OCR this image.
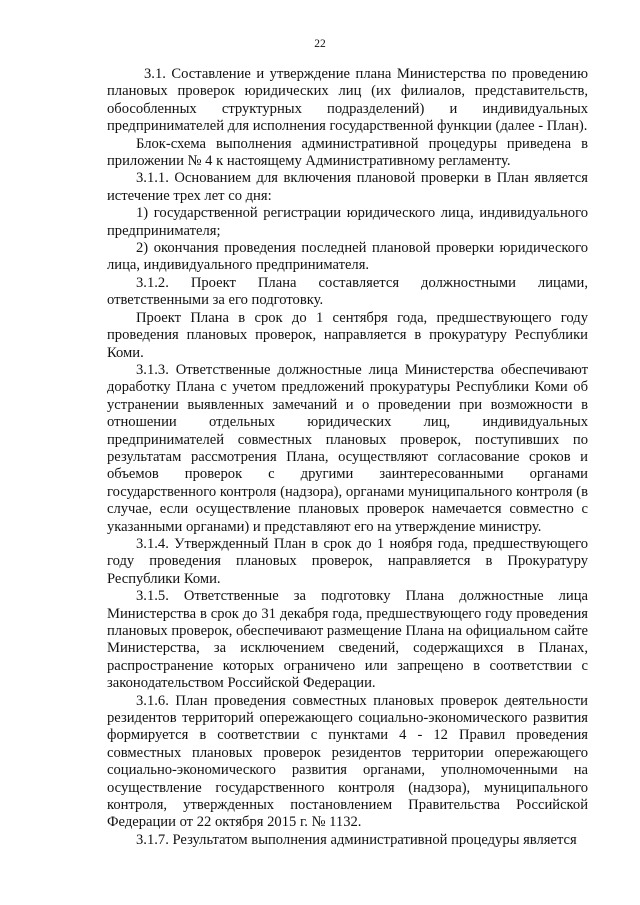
22

3.1. Составление и утверждение плана Министерства по проведению плановых проверок юридических лиц (их филиалов, представительств, обособленных структурных подразделений) и индивидуальных предпринимателей для исполнения государственной функции (далее - План).

Блок-схема выполнения административной процедуры приведена в приложении № 4 к настоящему Административному регламенту.

3.1.1. Основанием для включения плановой проверки в План является истечение трех лет со дня:

1) государственной регистрации юридического лица, индивидуального предпринимателя;

2) окончания проведения последней плановой проверки юридического лица, индивидуального предпринимателя.

3.1.2. Проект Плана составляется должностными лицами, ответственными за его подготовку.

Проект Плана в срок до 1 сентября года, предшествующего году проведения плановых проверок, направляется в прокуратуру Республики Коми.

3.1.3. Ответственные должностные лица Министерства обеспечивают доработку Плана с учетом предложений прокуратуры Республики Коми об устранении выявленных замечаний и о проведении при возможности в отношении отдельных юридических лиц, индивидуальных предпринимателей совместных плановых проверок, поступивших по результатам рассмотрения Плана, осуществляют согласование сроков и объемов проверок с другими заинтересованными органами государственного контроля (надзора), органами муниципального контроля (в случае, если осуществление плановых проверок намечается совместно с указанными органами) и представляют его на утверждение министру.

3.1.4. Утвержденный План в срок до 1 ноября года, предшествующего году проведения плановых проверок, направляется в Прокуратуру Республики Коми.

3.1.5. Ответственные за подготовку Плана должностные лица Министерства в срок до 31 декабря года, предшествующего году проведения плановых проверок, обеспечивают размещение Плана на официальном сайте Министерства, за исключением сведений, содержащихся в Планах, распространение которых ограничено или запрещено в соответствии с законодательством Российской Федерации.

3.1.6. План проведения совместных плановых проверок деятельности резидентов территорий опережающего социально-экономического развития формируется в соответствии с пунктами 4 - 12 Правил проведения совместных плановых проверок резидентов территории опережающего социально-экономического развития органами, уполномоченными на осуществление государственного контроля (надзора), муниципального контроля, утвержденных постановлением Правительства Российской Федерации от 22 октября 2015 г. № 1132.

3.1.7. Результатом выполнения административной процедуры является
